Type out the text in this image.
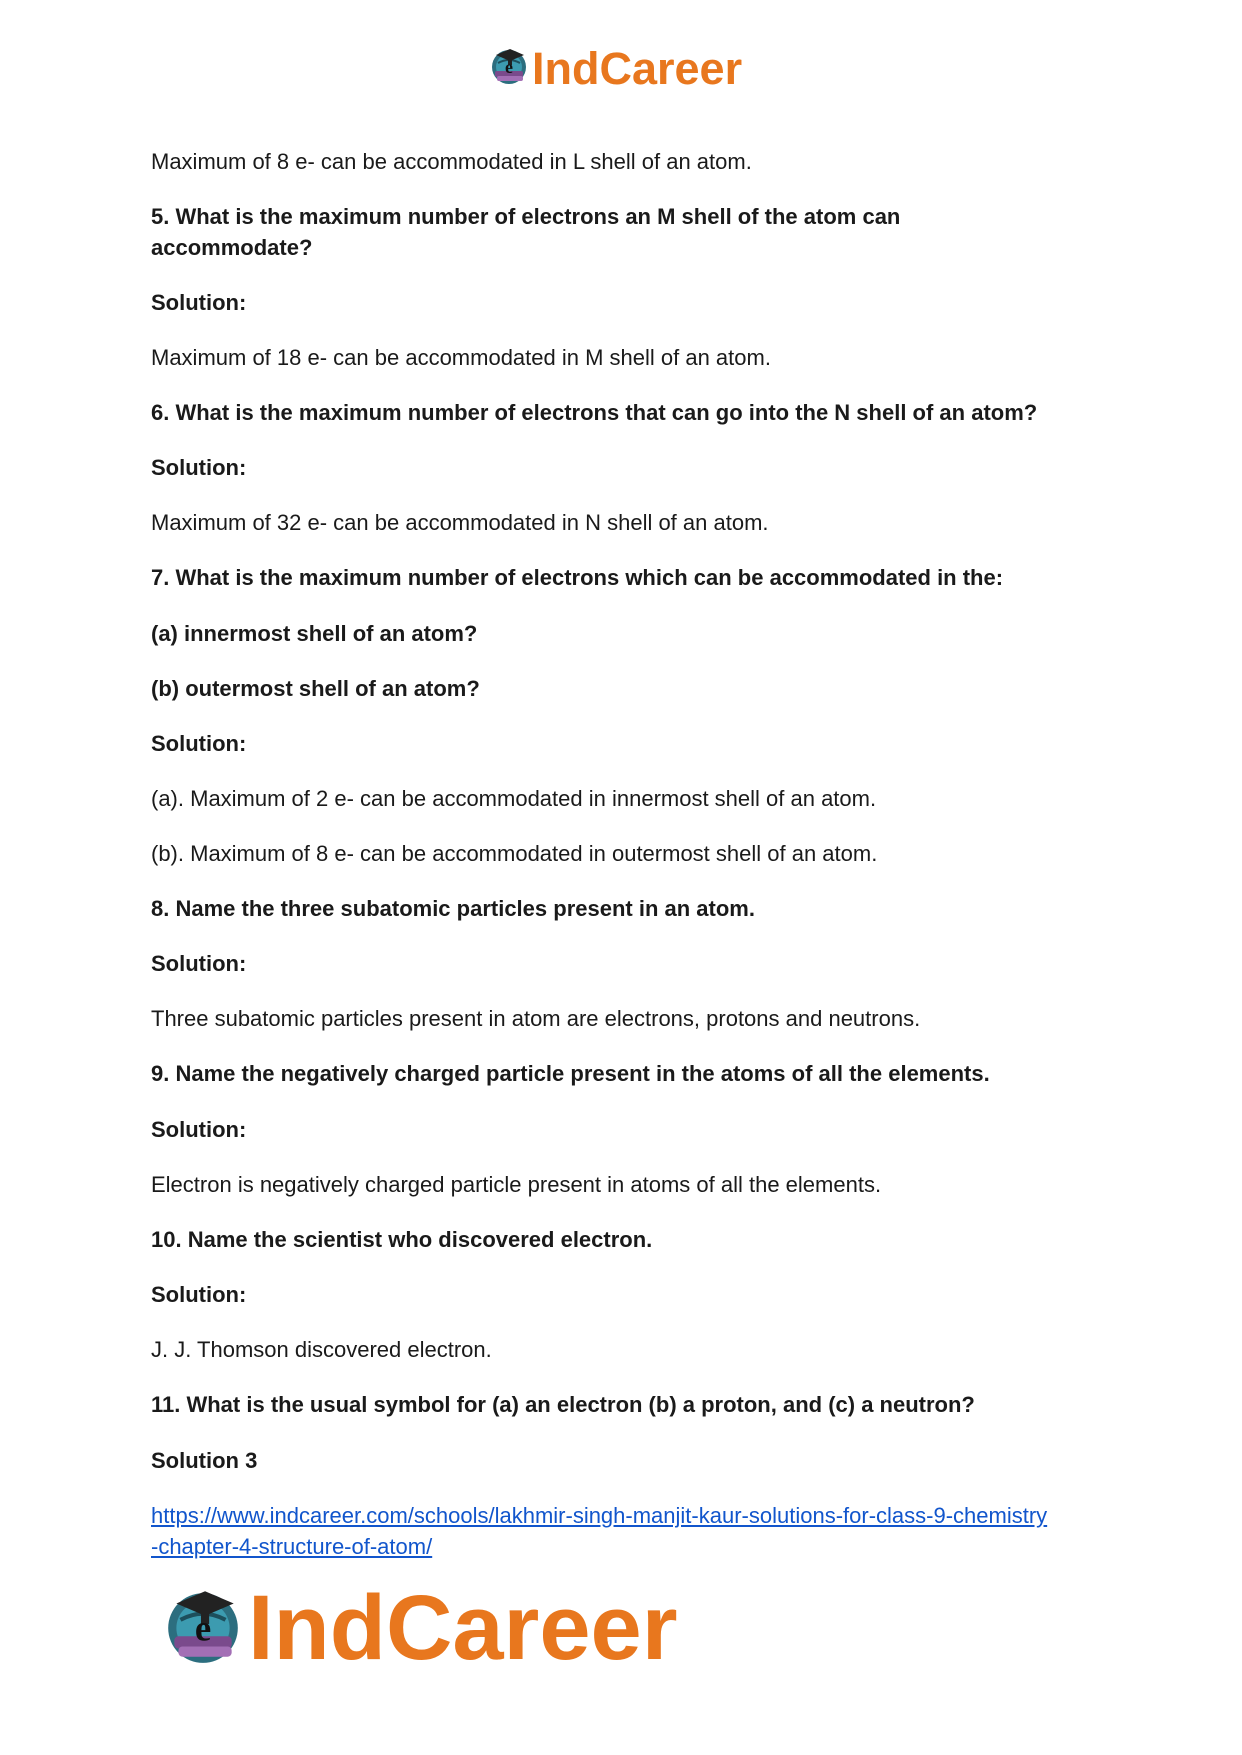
e IndCareer
Maximum of 8 e- can be accommodated in L shell of an atom.
5. What is the maximum number of electrons an M shell of the atom can
accommodate?
Solution:
Maximum of 18 e- can be accommodated in M shell of an atom.
6. What is the maximum number of electrons that can go into the N shell of an atom?
Solution:
Maximum of 32 e- can be accommodated in N shell of an atom.
7. What is the maximum number of electrons which can be accommodated in the:
(a) innermost shell of an atom?
(b) outermost shell of an atom?
Solution:
(a). Maximum of 2 e- can be accommodated in innermost shell of an atom.
(b). Maximum of 8 e- can be accommodated in outermost shell of an atom.
8. Name the three subatomic particles present in an atom.
Solution:
Three subatomic particles present in atom are electrons, protons and neutrons.
9. Name the negatively charged particle present in the atoms of all the elements.
Solution:
Electron is negatively charged particle present in atoms of all the elements.
10. Name the scientist who discovered electron.
Solution:
J. J. Thomson discovered electron.
11. What is the usual symbol for (a) an electron (b) a proton, and (c) a neutron?
Solution 3
https://www.indcareer.com/schools/lakhmir-singh-manjit-kaur-solutions-for-class-9-chemistry
-chapter-4-structure-of-atom/
e IndCareer
